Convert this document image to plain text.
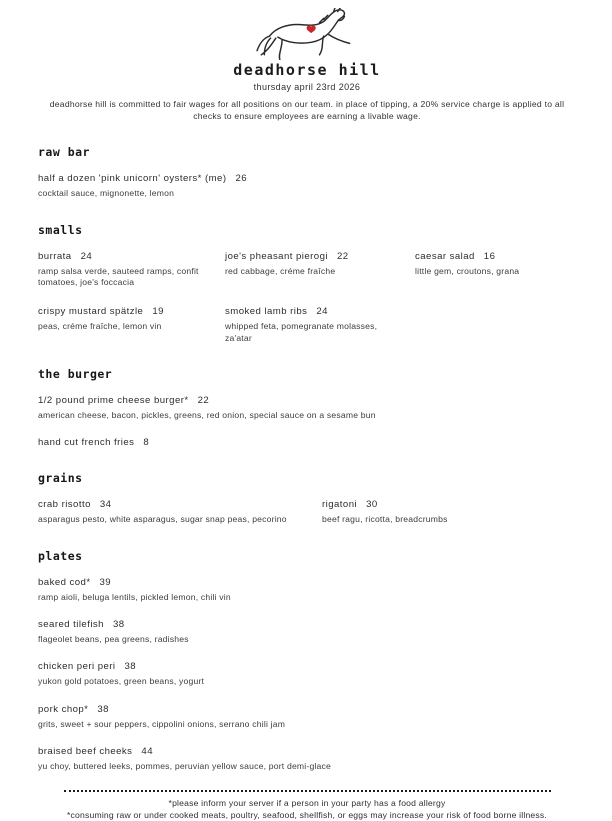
deadhorse hill
thursday april 23rd 2026
deadhorse hill is committed to fair wages for all positions on our team. in place of tipping, a 20% service charge is applied to all checks to ensure employees are earning a livable wage.
raw bar
half a dozen 'pink unicorn' oysters* (me) 26
cocktail sauce, mignonette, lemon
smalls
burrata 24
ramp salsa verde, sauteed ramps, confit tomatoes, joe's foccacia
joe's pheasant pierogi 22
red cabbage, créme fraîche
caesar salad 16
little gem, croutons, grana
crispy mustard spätzle 19
peas, créme fraîche, lemon vin
smoked lamb ribs 24
whipped feta, pomegranate molasses, za'atar
the burger
1/2 pound prime cheese burger* 22
american cheese, bacon, pickles, greens, red onion, special sauce on a sesame bun
hand cut french fries 8
grains
crab risotto 34
asparagus pesto, white asparagus, sugar snap peas, pecorino
rigatoni 30
beef ragu, ricotta, breadcrumbs
plates
baked cod* 39
ramp aioli, beluga lentils, pickled lemon, chili vin
seared tilefish 38
flageolet beans, pea greens, radishes
chicken peri peri 38
yukon gold potatoes, green beans, yogurt
pork chop* 38
grits, sweet + sour peppers, cippolini onions, serrano chili jam
braised beef cheeks 44
yu choy, buttered leeks, pommes, peruvian yellow sauce, port demi-glace
*please inform your server if a person in your party has a food allergy
*consuming raw or under cooked meats, poultry, seafood, shellfish, or eggs may increase your risk of food borne illness.
